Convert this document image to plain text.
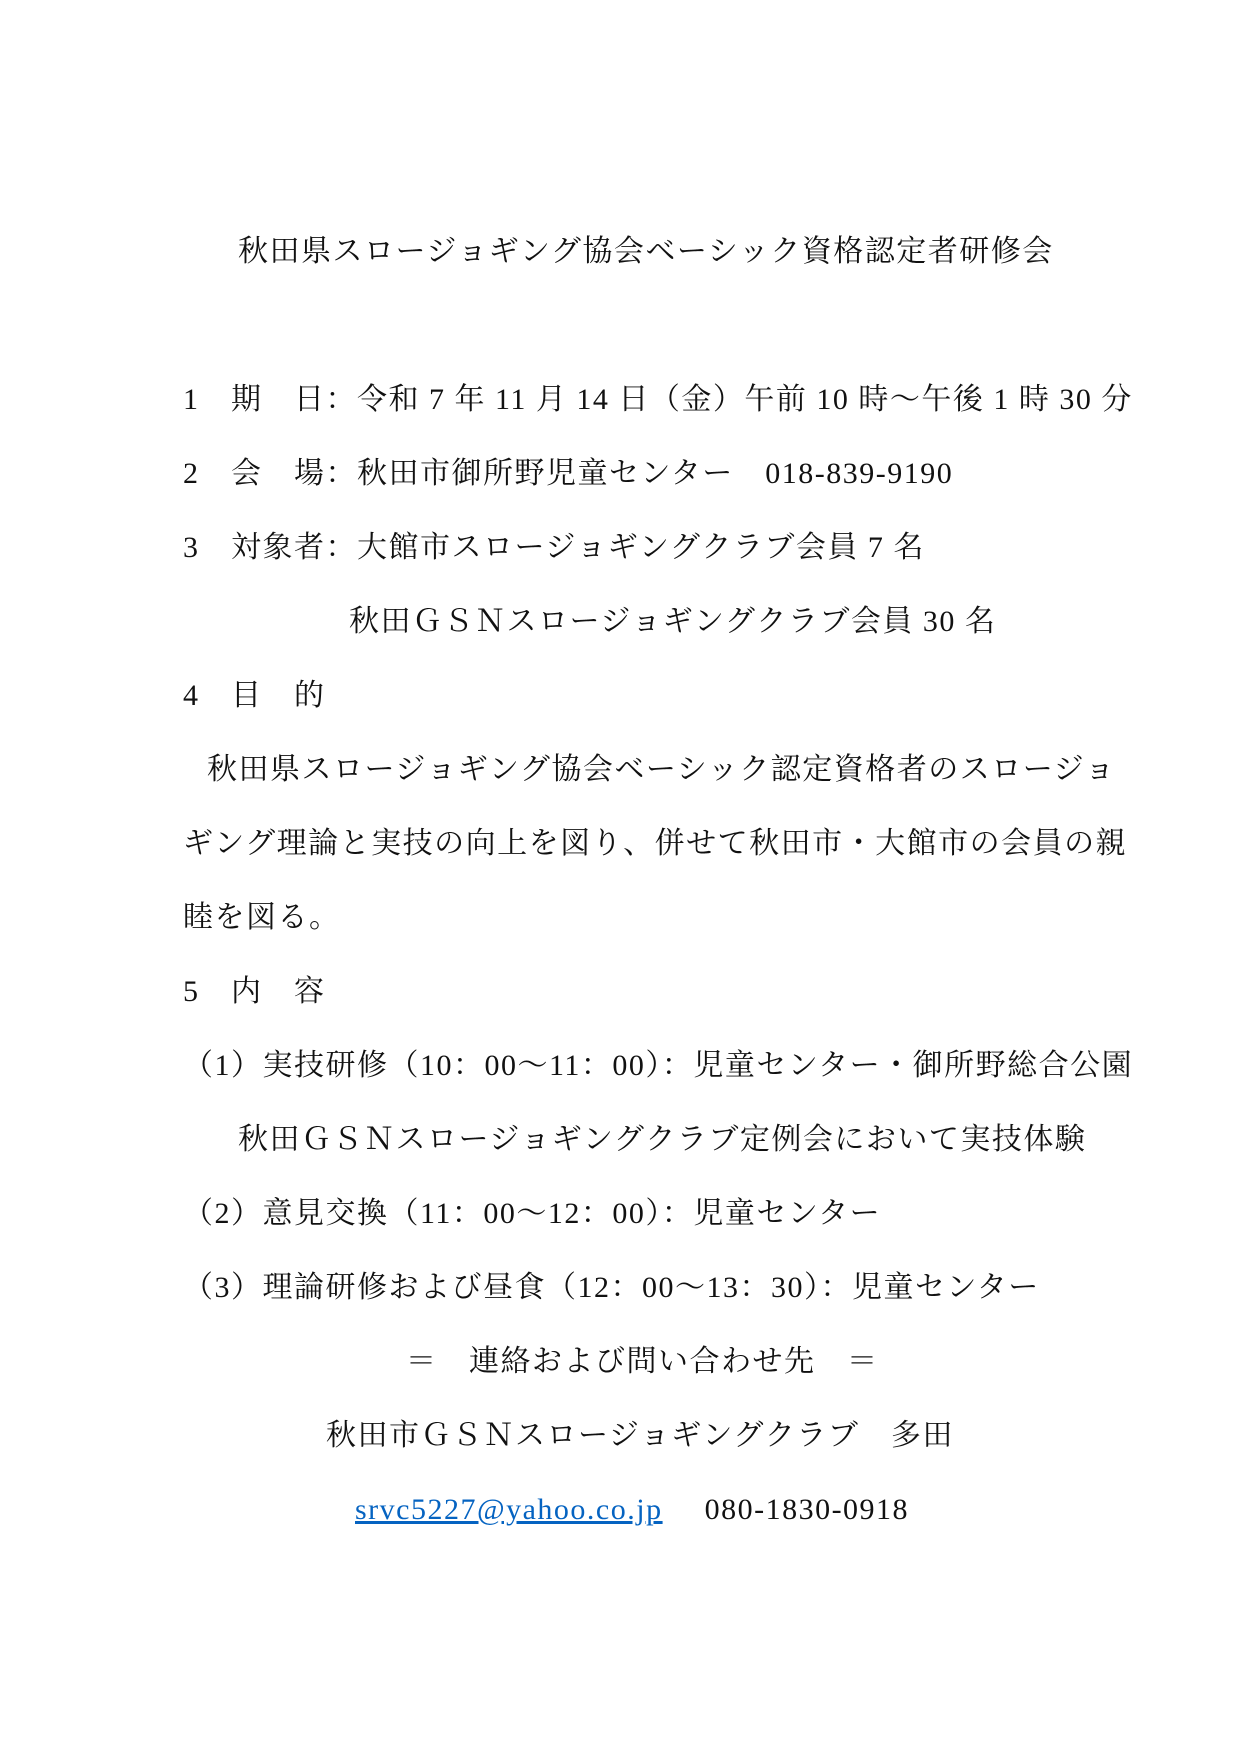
秋田県スロージョギング協会ベーシック資格認定者研修会
1　期　日：令和 7 年 11 月 14 日（金）午前 10 時～午後 1 時 30 分
2　会　場：秋田市御所野児童センター　018-839-9190
3　対象者：大館市スロージョギングクラブ会員 7 名
秋田ＧＳＮスロージョギングクラブ会員 30 名
4　目　的
秋田県スロージョギング協会ベーシック認定資格者のスロージョ
ギング理論と実技の向上を図り、併せて秋田市・大館市の会員の親
睦を図る。
5　内　容
（1）実技研修（10：00～11：00）：児童センター・御所野総合公園
秋田ＧＳＮスロージョギングクラブ定例会において実技体験
（2）意見交換（11：00～12：00）：児童センター
（3）理論研修および昼食（12：00～13：30）：児童センター
＝　連絡および問い合わせ先　＝
秋田市ＧＳＮスロージョギングクラブ　多田
srvc5227@yahoo.co.jp 080-1830-0918
